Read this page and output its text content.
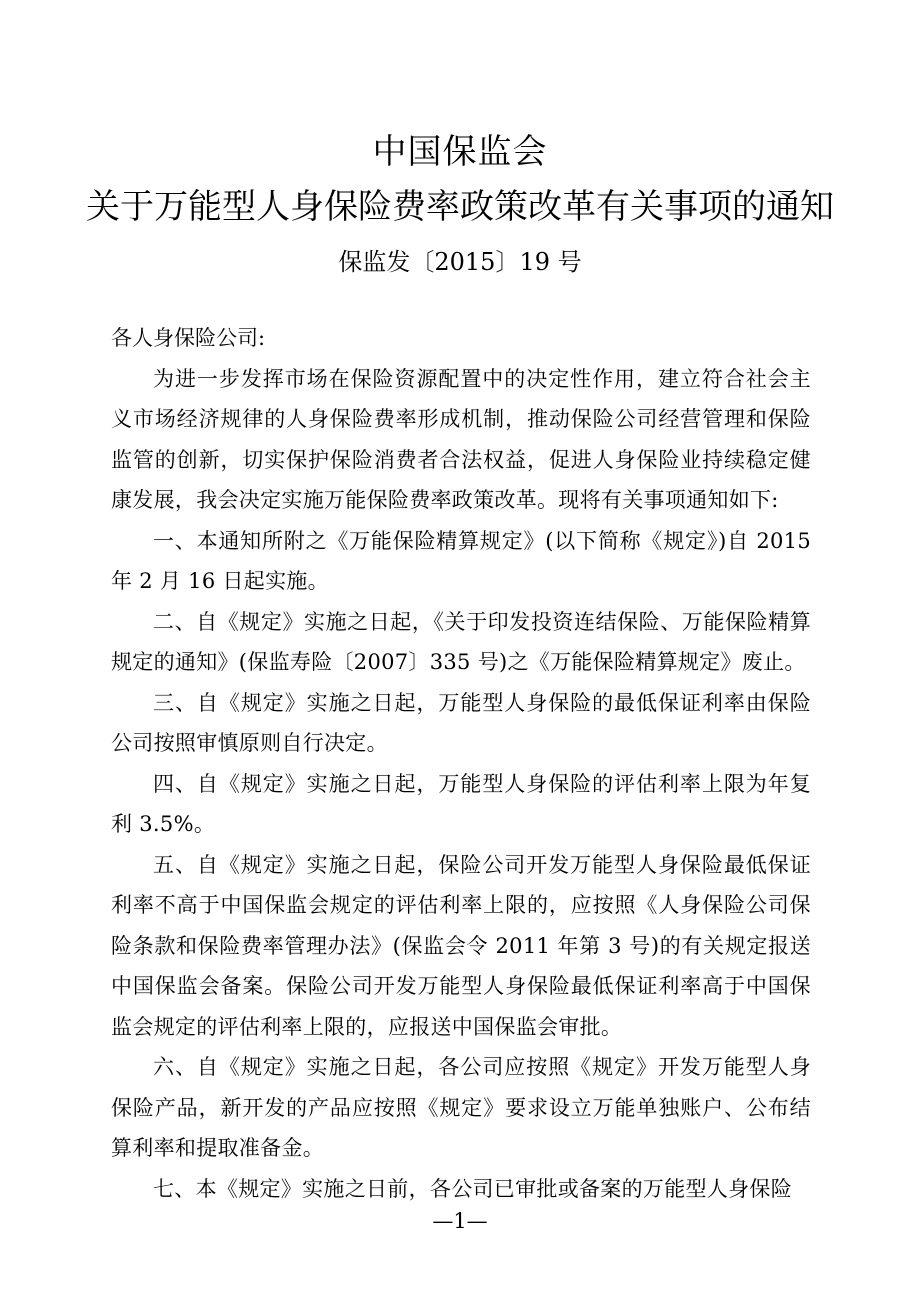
中国保监会
关于万能型人身保险费率政策改革有关事项的通知
保监发〔2015〕19 号

各人身保险公司:

为进一步发挥市场在保险资源配置中的决定性作用，建立符合社会主义市场经济规律的人身保险费率形成机制，推动保险公司经营管理和保险监管的创新，切实保护保险消费者合法权益，促进人身保险业持续稳定健康发展，我会决定实施万能保险费率政策改革。现将有关事项通知如下:

一、本通知所附之《万能保险精算规定》(以下简称《规定》)自 2015 年 2 月 16 日起实施。

二、自《规定》实施之日起，《关于印发投资连结保险、万能保险精算规定的通知》(保监寿险〔2007〕335 号)之《万能保险精算规定》废止。

三、自《规定》实施之日起，万能型人身保险的最低保证利率由保险公司按照审慎原则自行决定。

四、自《规定》实施之日起，万能型人身保险的评估利率上限为年复利 3.5%。

五、自《规定》实施之日起，保险公司开发万能型人身保险最低保证利率不高于中国保监会规定的评估利率上限的，应按照《人身保险公司保险条款和保险费率管理办法》(保监会令 2011 年第 3 号)的有关规定报送中国保监会备案。保险公司开发万能型人身保险最低保证利率高于中国保监会规定的评估利率上限的，应报送中国保监会审批。

六、自《规定》实施之日起，各公司应按照《规定》开发万能型人身保险产品，新开发的产品应按照《规定》要求设立万能单独账户、公布结算利率和提取准备金。

七、本《规定》实施之日前，各公司已审批或备案的万能型人身保险

—1—
